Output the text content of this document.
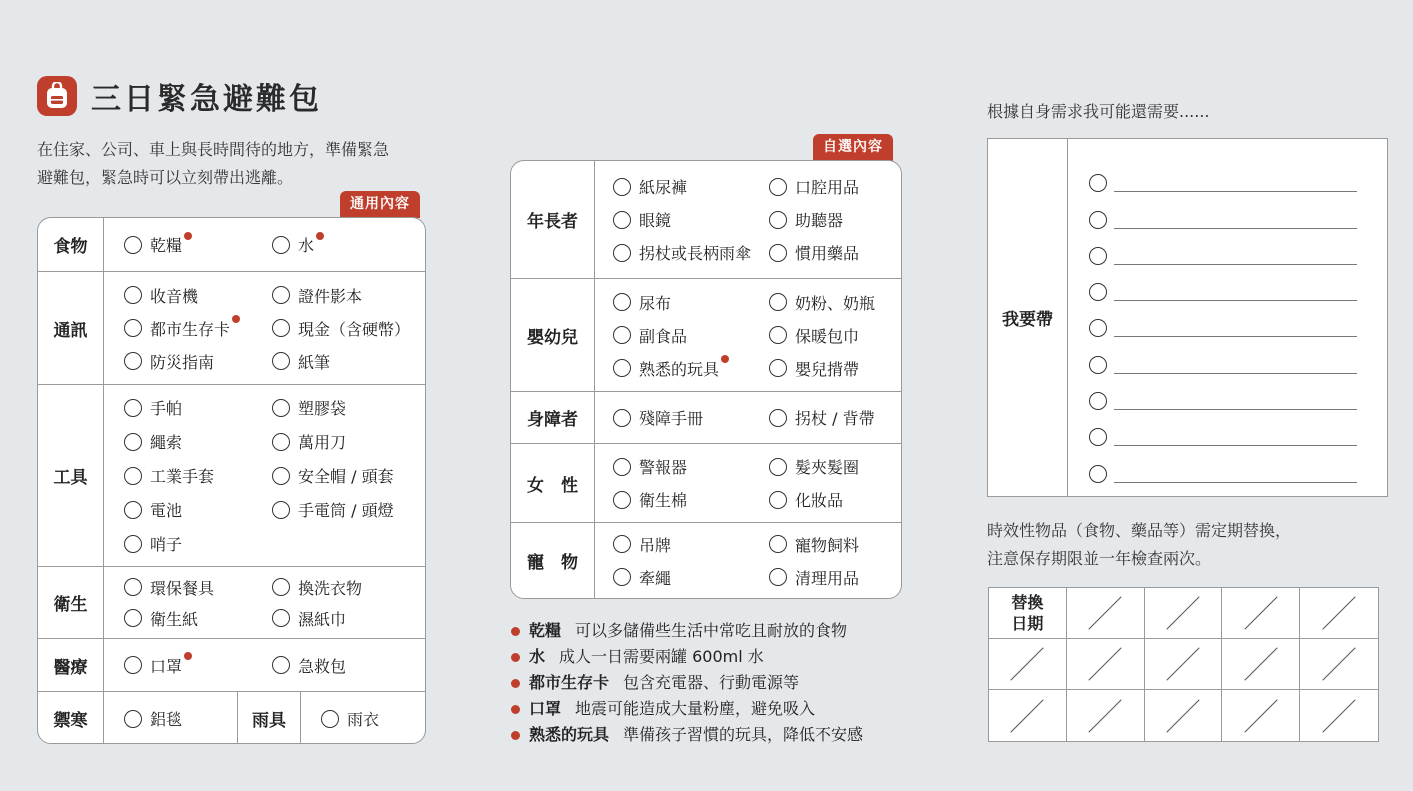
三日緊急避難包
在住家、公司、車上與長時間待的地方，準備緊急
避難包，緊急時可以立刻帶出逃離。
通用內容
食物	乾糧	水
通訊
收音機	證件影本
都市生存卡	現金（含硬幣）
防災指南	紙筆
工具
手帕	塑膠袋
繩索	萬用刀
工業手套	安全帽 / 頭套
電池	手電筒 / 頭燈
哨子
衛生
環保餐具	換洗衣物
衛生紙	濕紙巾
醫療	口罩	急救包
禦寒	鋁毯	雨具	雨衣
自選內容
年長者
紙尿褲	口腔用品
眼鏡	助聽器
拐杖或長柄雨傘	慣用藥品
嬰幼兒
尿布	奶粉、奶瓶
副食品	保暖包巾
熟悉的玩具	嬰兒揹帶
身障者	殘障手冊	拐杖 / 背帶
女　性
警報器	髮夾髮圈
衛生棉	化妝品
寵　物
吊牌	寵物飼料
牽繩	清理用品
乾糧 可以多儲備些生活中常吃且耐放的食物
水 成人一日需要兩罐 600ml 水
都市生存卡 包含充電器、行動電源等
口罩 地震可能造成大量粉塵，避免吸入
熟悉的玩具 準備孩子習慣的玩具，降低不安感
根據自身需求我可能還需要......
我要帶
時效性物品（食物、藥品等）需定期替換，
注意保存期限並一年檢查兩次。
替換
日期
